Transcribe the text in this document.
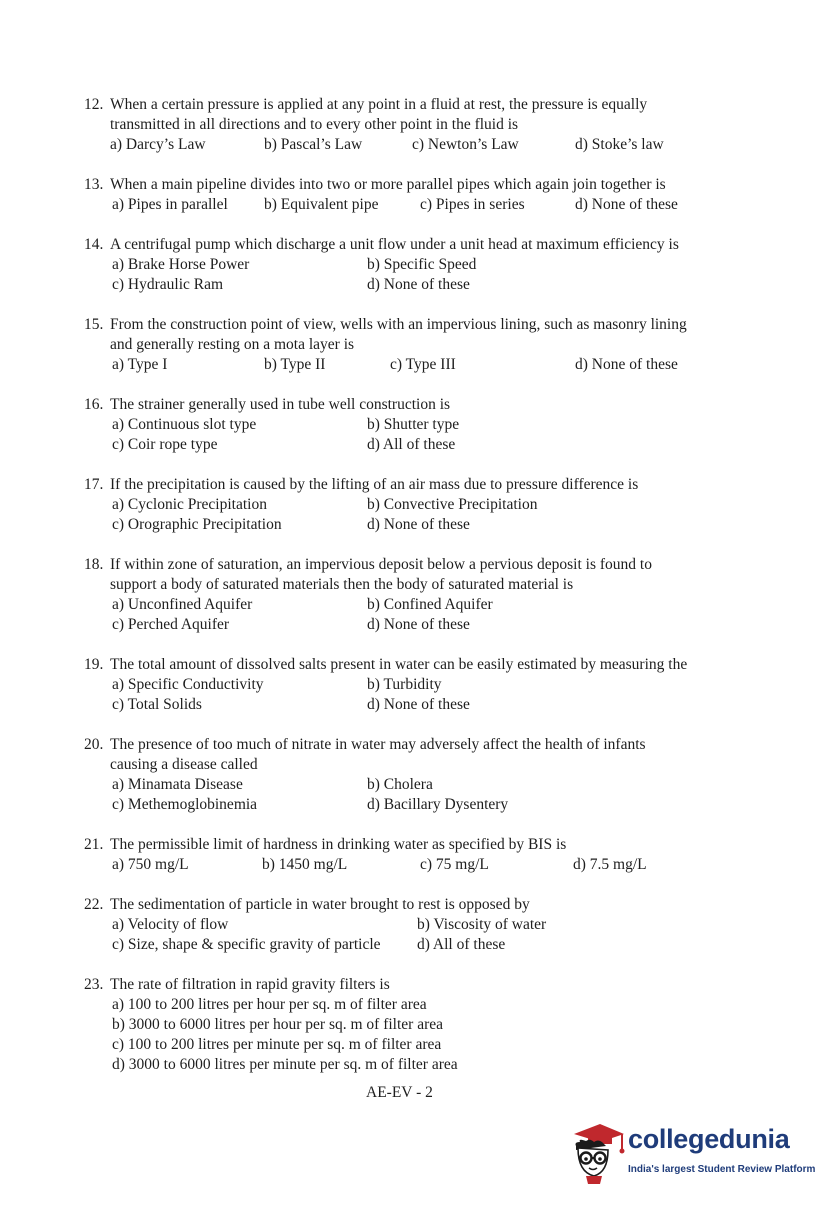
12. When a certain pressure is applied at any point in a fluid at rest, the pressure is equally
transmitted in all directions and to every other point in the fluid is
a) Darcy’s Law	b) Pascal’s Law	c) Newton’s Law	d) Stoke’s law
13. When a main pipeline divides into two or more parallel pipes which again join together is
a) Pipes in parallel b) Equivalent pipe	c) Pipes in series	d) None of these
14. A centrifugal pump which discharge a unit flow under a unit head at maximum efficiency is
a) Brake Horse Power	b) Specific Speed
c) Hydraulic Ram	d) None of these
15. From the construction point of view, wells with an impervious lining, such as masonry lining
and generally resting on a mota layer is
a) Type I	b) Type II	c) Type III	d) None of these
16. The strainer generally used in tube well construction is
a) Continuous slot type	b) Shutter type
c) Coir rope type	d) All of these
17. If the precipitation is caused by the lifting of an air mass due to pressure difference is
a) Cyclonic Precipitation	b) Convective Precipitation
c) Orographic Precipitation	d) None of these
18. If within zone of saturation, an impervious deposit below a pervious deposit is found to
support a body of saturated materials then the body of saturated material is
a) Unconfined Aquifer	b) Confined Aquifer
c) Perched Aquifer	d) None of these
19. The total amount of dissolved salts present in water can be easily estimated by measuring the
a) Specific Conductivity	b) Turbidity
c) Total Solids	d) None of these
20. The presence of too much of nitrate in water may adversely affect the health of infants
causing a disease called
a) Minamata Disease	b) Cholera
c) Methemoglobinemia	d) Bacillary Dysentery
21. The permissible limit of hardness in drinking water as specified by BIS is
a) 750 mg/L	b) 1450 mg/L	c) 75 mg/L	d) 7.5 mg/L
22. The sedimentation of particle in water brought to rest is opposed by
a) Velocity of flow	b) Viscosity of water
c) Size, shape & specific gravity of particle d) All of these
23. The rate of filtration in rapid gravity filters is
a) 100 to 200 litres per hour per sq. m of filter area
b) 3000 to 6000 litres per hour per sq. m of filter area
c) 100 to 200 litres per minute per sq. m of filter area
d) 3000 to 6000 litres per minute per sq. m of filter area
AE-EV - 2
collegedunia
India's largest Student Review Platform
